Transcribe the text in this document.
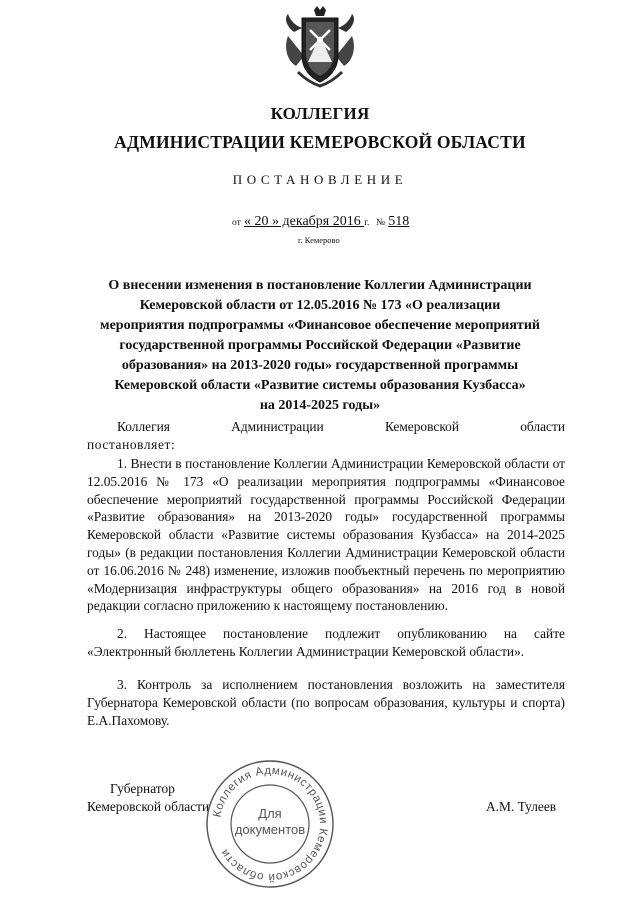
КОЛЛЕГИЯ
АДМИНИСТРАЦИИ КЕМЕРОВСКОЙ ОБЛАСТИ
ПОСТАНОВЛЕНИЕ
от « 20 » декабря 2016 г. № 518
г. Кемерово
О внесении изменения в постановление Коллегии Администрации
Кемеровской области от 12.05.2016 № 173 «О реализации
мероприятия подпрограммы «Финансовое обеспечение мероприятий
государственной программы Российской Федерации «Развитие
образования» на 2013-2020 годы» государственной программы
Кемеровской области «Развитие системы образования Кузбасса»
на 2014-2025 годы»
Коллегия	Администрации	Кемеровской	области
постановляет:
1. Внести в постановление Коллегии Администрации Кемеровской области от 12.05.2016 № 173 «О реализации мероприятия подпрограммы «Финансовое обеспечение мероприятий государственной программы Российской Федерации «Развитие образования» на 2013-2020 годы» государственной программы Кемеровской области «Развитие системы образования Кузбасса» на 2014-2025 годы» (в редакции постановления Коллегии Администрации Кемеровской области от 16.06.2016 № 248) изменение, изложив пообъектный перечень по мероприятию «Модернизация инфраструктуры общего образования» на 2016 год в новой редакции согласно приложению к настоящему постановлению.
2. Настоящее постановление подлежит опубликованию на сайте «Электронный бюллетень Коллегии Администрации Кемеровской области».
3. Контроль за исполнением постановления возложить на заместителя Губернатора Кемеровской области (по вопросам образования, культуры и спорта) Е.А.Пахомову.
Губернатор
Кемеровской области	А.М. Тулеев
Коллегия Администрации Кемеровской области
Для
документов
